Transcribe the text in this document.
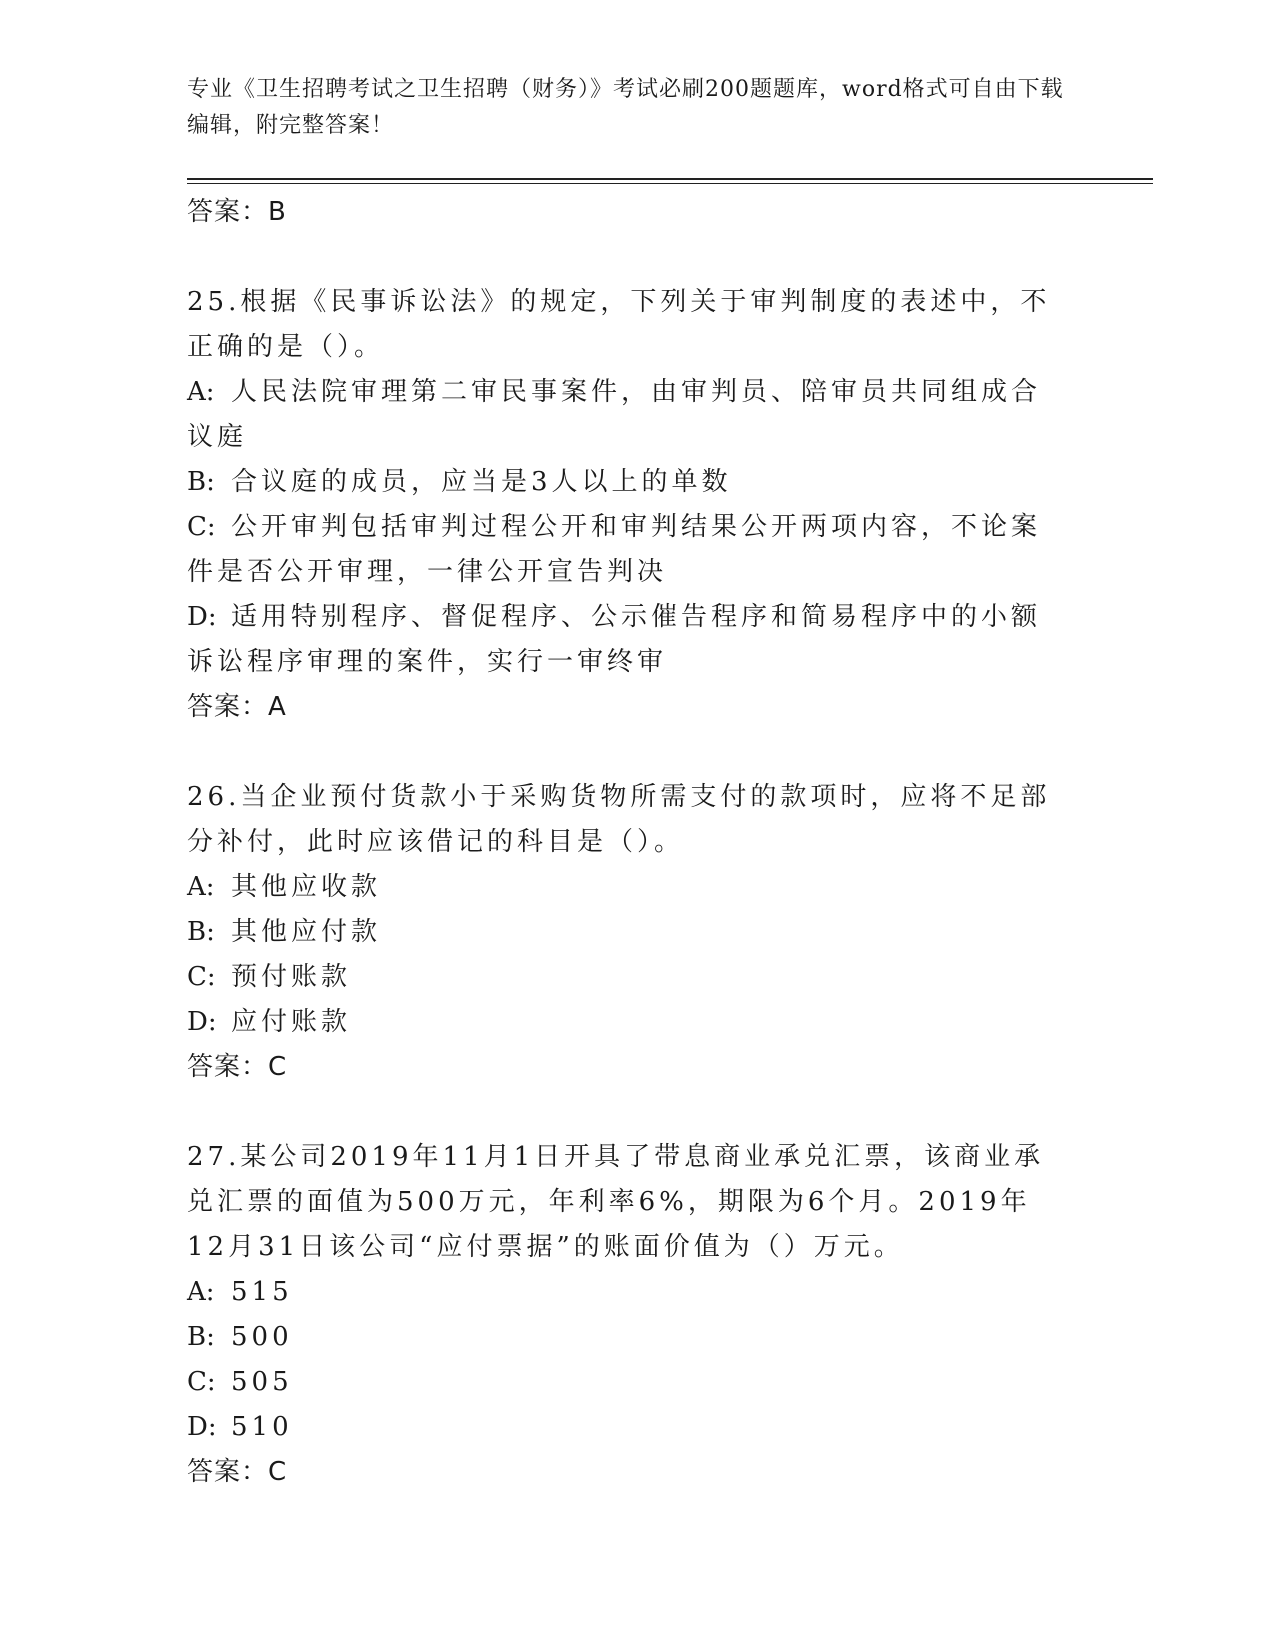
专业《卫生招聘考试之卫生招聘（财务）》考试必刷200题题库，word格式可自由下载编辑，附完整答案！

答案：B

25.根据《民事诉讼法》的规定，下列关于审判制度的表述中，不正确的是（）。

A: 人民法院审理第二审民事案件，由审判员、陪审员共同组成合议庭

B: 合议庭的成员，应当是3人以上的单数

C: 公开审判包括审判过程公开和审判结果公开两项内容，不论案件是否公开审理，一律公开宣告判决

D: 适用特别程序、督促程序、公示催告程序和简易程序中的小额诉讼程序审理的案件，实行一审终审

答案：A

26.当企业预付货款小于采购货物所需支付的款项时，应将不足部分补付，此时应该借记的科目是（）。

A: 其他应收款

B: 其他应付款

C: 预付账款

D: 应付账款

答案：C

27.某公司2019年11月1日开具了带息商业承兑汇票，该商业承兑汇票的面值为500万元，年利率6%，期限为6个月。2019年12月31日该公司“应付票据”的账面价值为（）万元。

A: 515

B: 500

C: 505

D: 510

答案：C
